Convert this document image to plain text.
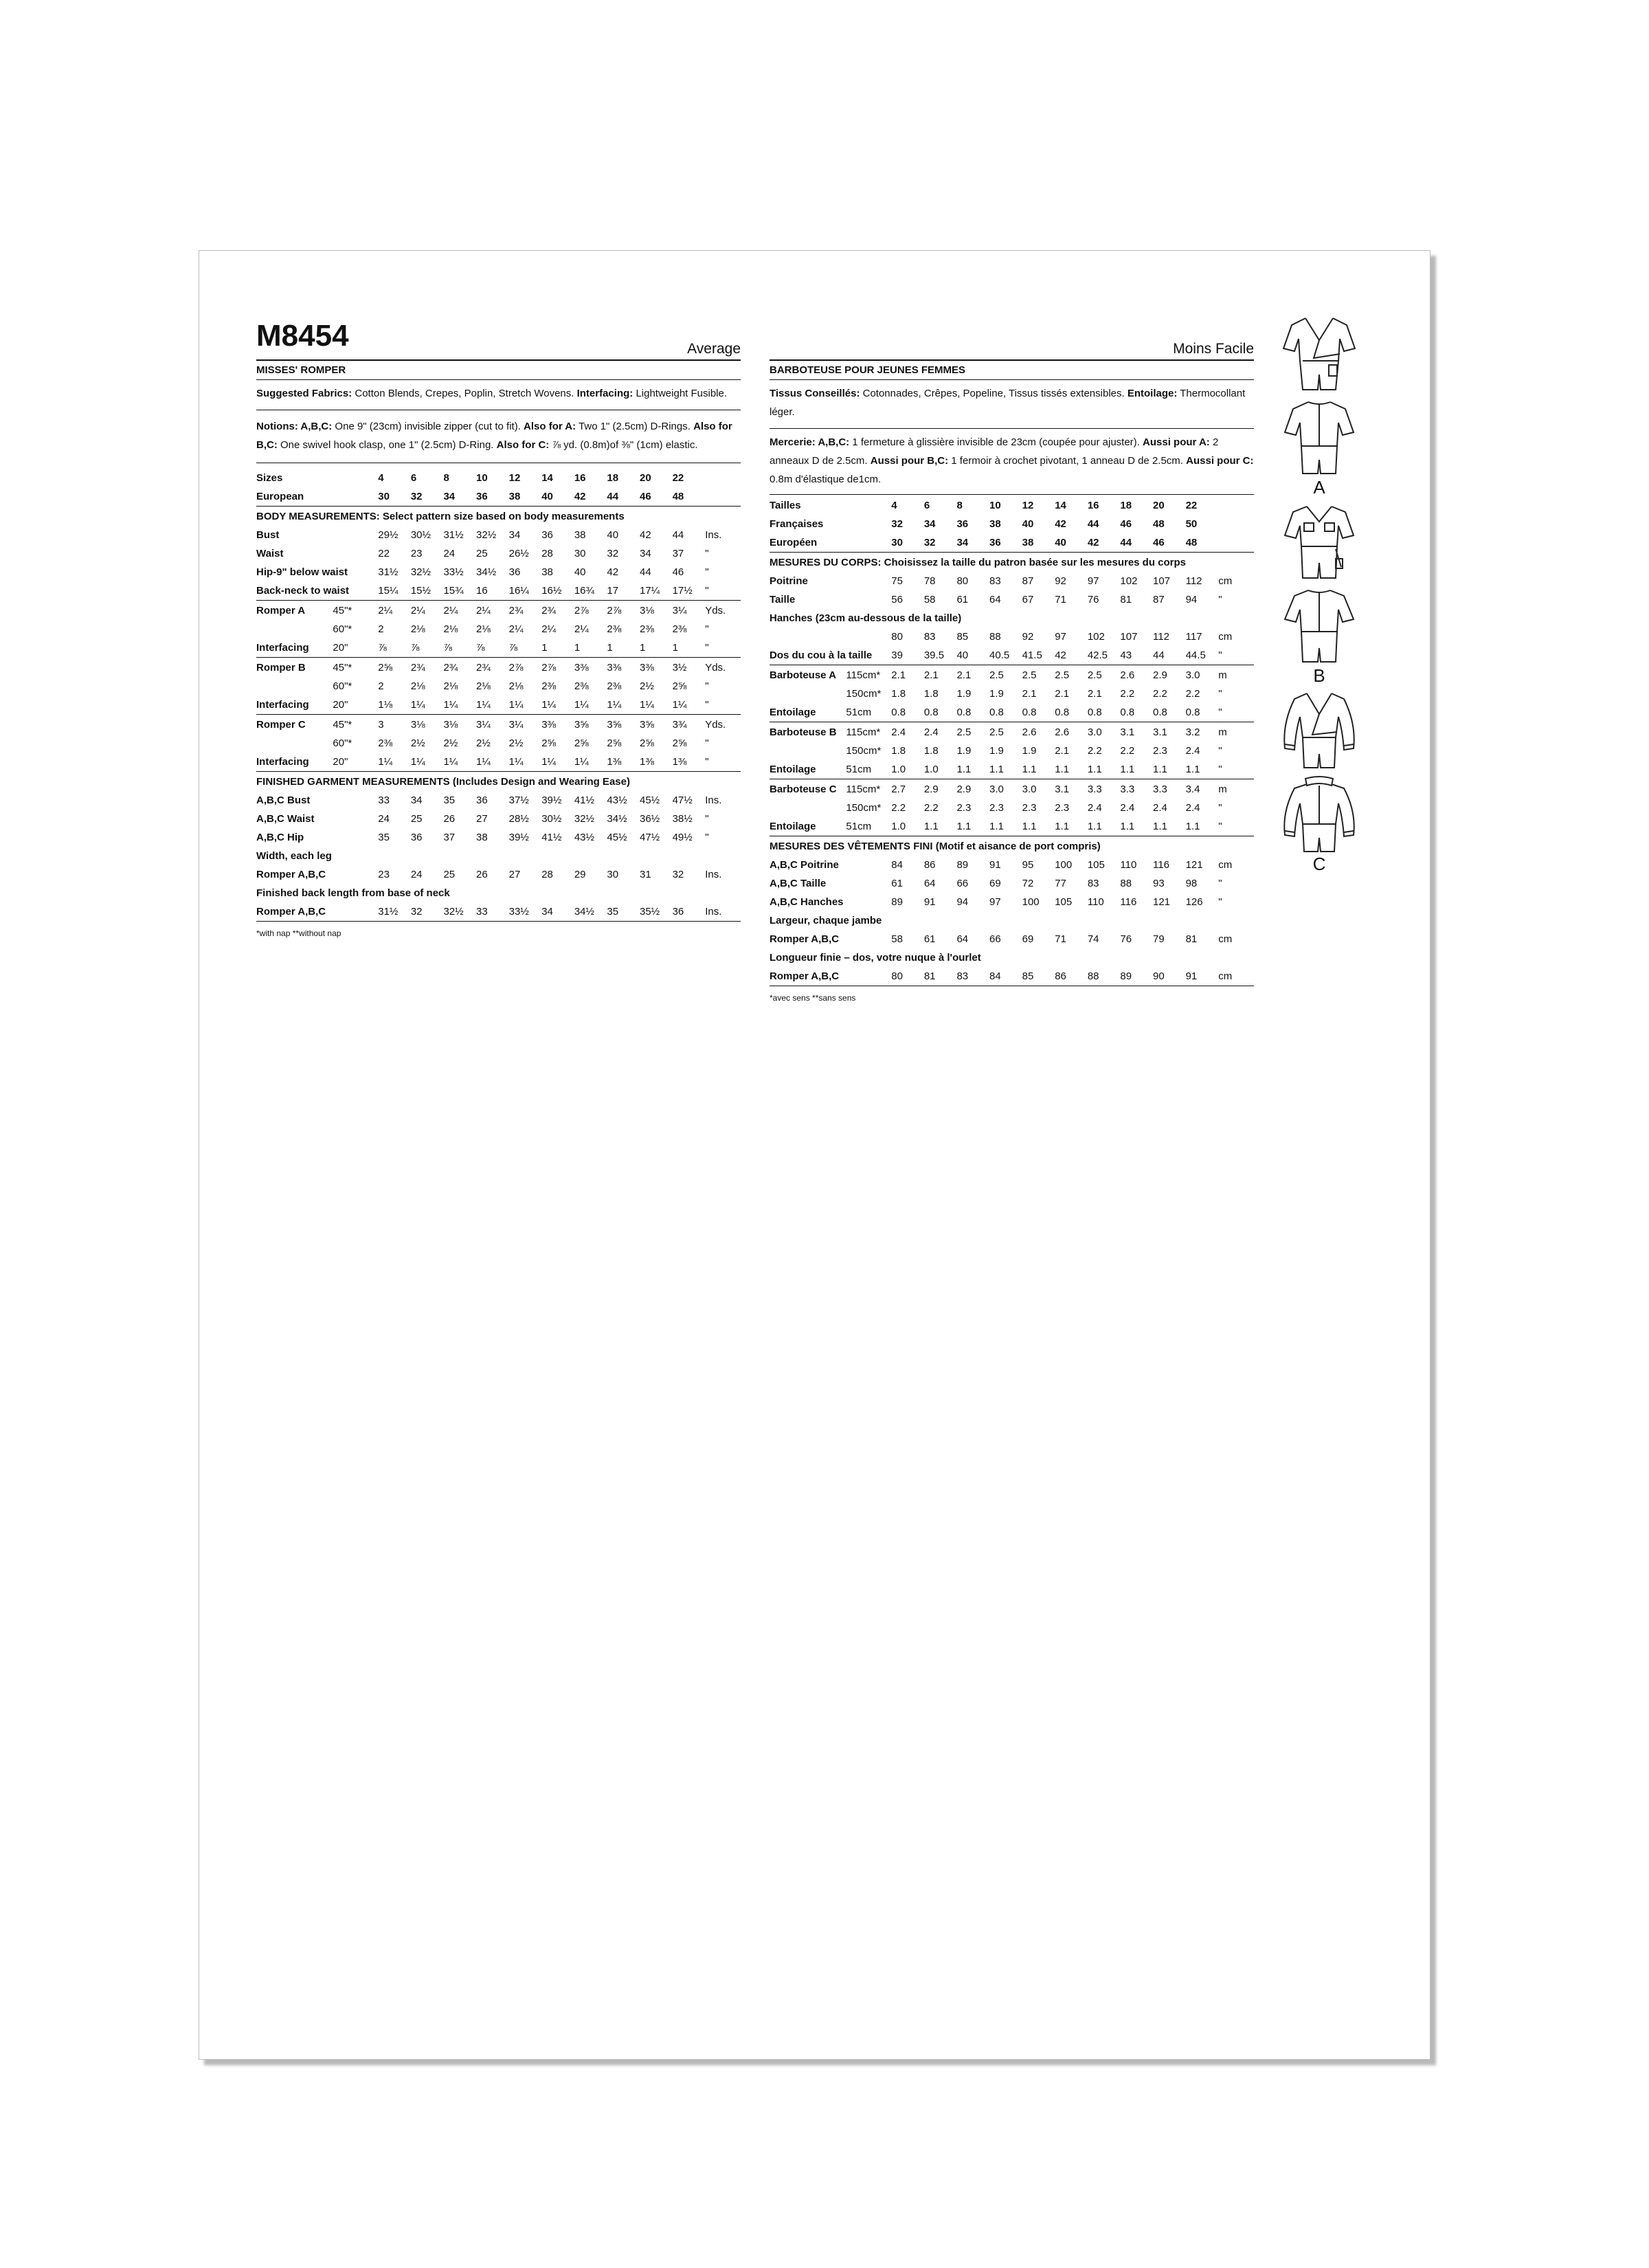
M8454	Average
MISSES' ROMPER

Suggested Fabrics: Cotton Blends, Crepes, Poplin, Stretch Wovens. Interfacing: Lightweight Fusible.

Notions: A,B,C: One 9" (23cm) invisible zipper (cut to fit). Also for A: Two 1" (2.5cm) D-Rings. Also for B,C: One swivel hook clasp, one 1" (2.5cm) D-Ring. Also for C: ⅞ yd. (0.8m)of ⅜" (1cm) elastic.

Sizes	4	6	8	10	12	14	16	18	20	22	
European	30	32	34	36	38	40	42	44	46	48	
BODY MEASUREMENTS: Select pattern size based on body measurements
Bust	29½	30½	31½	32½	34	36	38	40	42	44	Ins.
Waist	22	23	24	25	26½	28	30	32	34	37	"
Hip-9" below waist	31½	32½	33½	34½	36	38	40	42	44	46	"
Back-neck to waist	15¼	15½	15¾	16	16¼	16½	16¾	17	17¼	17½	"
Romper A	45"*	2¼	2¼	2¼	2¼	2¾	2¾	2⅞	2⅞	3⅛	3¼	Yds.
	60"*	2	2⅛	2⅛	2⅛	2¼	2¼	2¼	2⅜	2⅜	2⅜	"
Interfacing	20"	⅞	⅞	⅞	⅞	⅞	1	1	1	1	1	"
Romper B	45"*	2⅝	2¾	2¾	2¾	2⅞	2⅞	3⅜	3⅜	3⅜	3½	Yds.
	60"*	2	2⅛	2⅛	2⅛	2⅛	2⅜	2⅜	2⅜	2½	2⅝	"
Interfacing	20"	1⅛	1¼	1¼	1¼	1¼	1¼	1¼	1¼	1¼	1¼	"
Romper C	45"*	3	3⅛	3⅛	3¼	3¼	3⅜	3⅝	3⅝	3⅝	3¾	Yds.
	60"*	2⅜	2½	2½	2½	2½	2⅝	2⅝	2⅝	2⅝	2⅝	"
Interfacing	20"	1¼	1¼	1¼	1¼	1¼	1¼	1¼	1⅜	1⅜	1⅜	"
FINISHED GARMENT MEASUREMENTS (Includes Design and Wearing Ease)
A,B,C Bust	33	34	35	36	37½	39½	41½	43½	45½	47½	Ins.
A,B,C Waist	24	25	26	27	28½	30½	32½	34½	36½	38½	"
A,B,C Hip	35	36	37	38	39½	41½	43½	45½	47½	49½	"
Width, each leg											
Romper A,B,C	23	24	25	26	27	28	29	30	31	32	Ins.
Finished back length from base of neck											
Romper A,B,C	31½	32	32½	33	33½	34	34½	35	35½	36	Ins.
*with nap **without nap
Moins Facile
BARBOTEUSE POUR JEUNES FEMMES

Tissus Conseillés: Cotonnades, Crêpes, Popeline, Tissus tissés extensibles. Entoilage: Thermocollant léger.

Mercerie: A,B,C: 1 fermeture à glissière invisible de 23cm (coupée pour ajuster). Aussi pour A: 2 anneaux D de 2.5cm. Aussi pour B,C: 1 fermoir à crochet pivotant, 1 anneau D de 2.5cm. Aussi pour C: 0.8m d'élastique de1cm.

Tailles	4	6	8	10	12	14	16	18	20	22	
Françaises	32	34	36	38	40	42	44	46	48	50	
Européen	30	32	34	36	38	40	42	44	46	48	
MESURES DU CORPS: Choisissez la taille du patron basée sur les mesures du corps
Poitrine	75	78	80	83	87	92	97	102	107	112	cm
Taille	56	58	61	64	67	71	76	81	87	94	"
Hanches (23cm au-dessous de la taille)											
	80	83	85	88	92	97	102	107	112	117	cm
Dos du cou à la taille	39	39.5	40	40.5	41.5	42	42.5	43	44	44.5	"
Barboteuse A	115cm*	2.1	2.1	2.1	2.5	2.5	2.5	2.5	2.6	2.9	3.0	m
	150cm*	1.8	1.8	1.9	1.9	2.1	2.1	2.1	2.2	2.2	2.2	"
Entoilage	51cm	0.8	0.8	0.8	0.8	0.8	0.8	0.8	0.8	0.8	0.8	"
Barboteuse B	115cm*	2.4	2.4	2.5	2.5	2.6	2.6	3.0	3.1	3.1	3.2	m
	150cm*	1.8	1.8	1.9	1.9	1.9	2.1	2.2	2.2	2.3	2.4	"
Entoilage	51cm	1.0	1.0	1.1	1.1	1.1	1.1	1.1	1.1	1.1	1.1	"
Barboteuse C	115cm*	2.7	2.9	2.9	3.0	3.0	3.1	3.3	3.3	3.3	3.4	m
	150cm*	2.2	2.2	2.3	2.3	2.3	2.3	2.4	2.4	2.4	2.4	"
Entoilage	51cm	1.0	1.1	1.1	1.1	1.1	1.1	1.1	1.1	1.1	1.1	"
MESURES DES VÊTEMENTS FINI (Motif et aisance de port compris)
A,B,C Poitrine	84	86	89	91	95	100	105	110	116	121	cm
A,B,C Taille	61	64	66	69	72	77	83	88	93	98	"
A,B,C Hanches	89	91	94	97	100	105	110	116	121	126	"
Largeur, chaque jambe											
Romper A,B,C	58	61	64	66	69	71	74	76	79	81	cm
Longueur finie – dos, votre nuque à l'ourlet											
Romper A,B,C	80	81	83	84	85	86	88	89	90	91	cm
*avec sens **sans sens
A
B
C
